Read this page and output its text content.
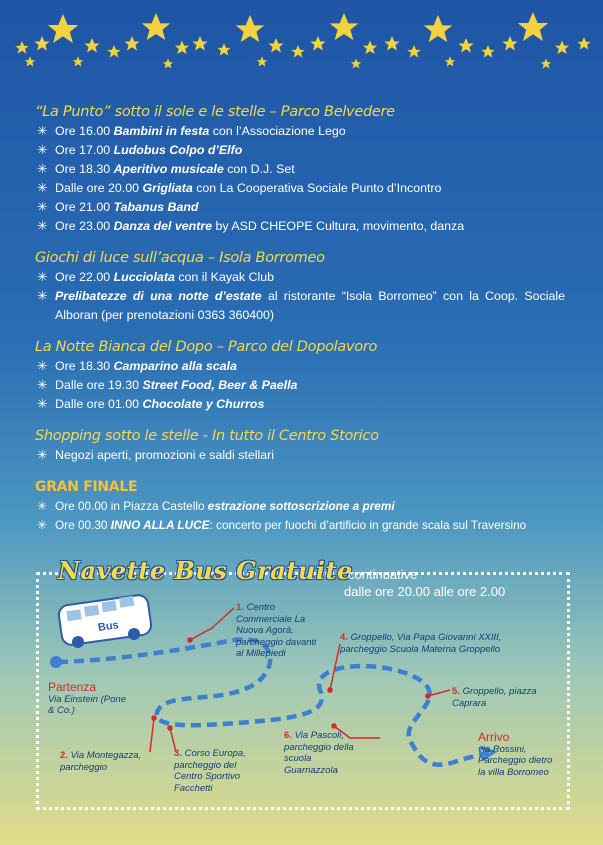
“La Punto” sotto il sole e le stelle – Parco Belvedere
✳ Ore 16.00 Bambini in festa con l’Associazione Lego
✳ Ore 17.00 Ludobus Colpo d’Elfo
✳ Ore 18.30 Aperitivo musicale con D.J. Set
✳ Dalle ore 20.00 Grigliata con La Cooperativa Sociale Punto d’Incontro
✳ Ore 21.00 Tabanus Band
✳ Ore 23.00 Danza del ventre by ASD CHEOPE Cultura, movimento, danza
Giochi di luce sull’acqua – Isola Borromeo
✳ Ore 22.00 Lucciolata con il Kayak Club
✳ Prelibatezze di una notte d’estate al ristorante “Isola Borromeo” con la Coop. Sociale Alboran (per prenotazioni 0363 360400)
La Notte Bianca del Dopo – Parco del Dopolavoro
✳ Ore 18.30 Camparino alla scala
✳ Dalle ore 19.30 Street Food, Beer & Paella
✳ Dalle ore 01.00 Chocolate y Churros
Shopping sotto le stelle - In tutto il Centro Storico
✳ Negozi aperti, promozioni e saldi stellari
GRAN FINALE
✳ Ore 00.00 in Piazza Castello estrazione sottoscrizione a premi
✳ Ore 00.30 INNO ALLA LUCE: concerto per fuochi d’artificio in grande scala sul Traversino
Navette Bus Gratuite
continuative
dalle ore 20.00 alle ore 2.00
Bus
1. Centro Commerciale La Nuova Agorà, parcheggio davanti al Millepiedi
4. Groppello, Via Papa Giovanni XXIII, parcheggio Scuola Materna Groppello
5. Groppello, piazza Caprara
6. Via Pascoli, parcheggio della scuola Guarnazzola
2. Via Montegazza, parcheggio
3. Corso Europa, parcheggio del Centro Sportivo Facchetti
Partenza
Via Einstein (Pone & Co.)
Arrivo
via Rossini, Parcheggio dietro la villa Borromeo
